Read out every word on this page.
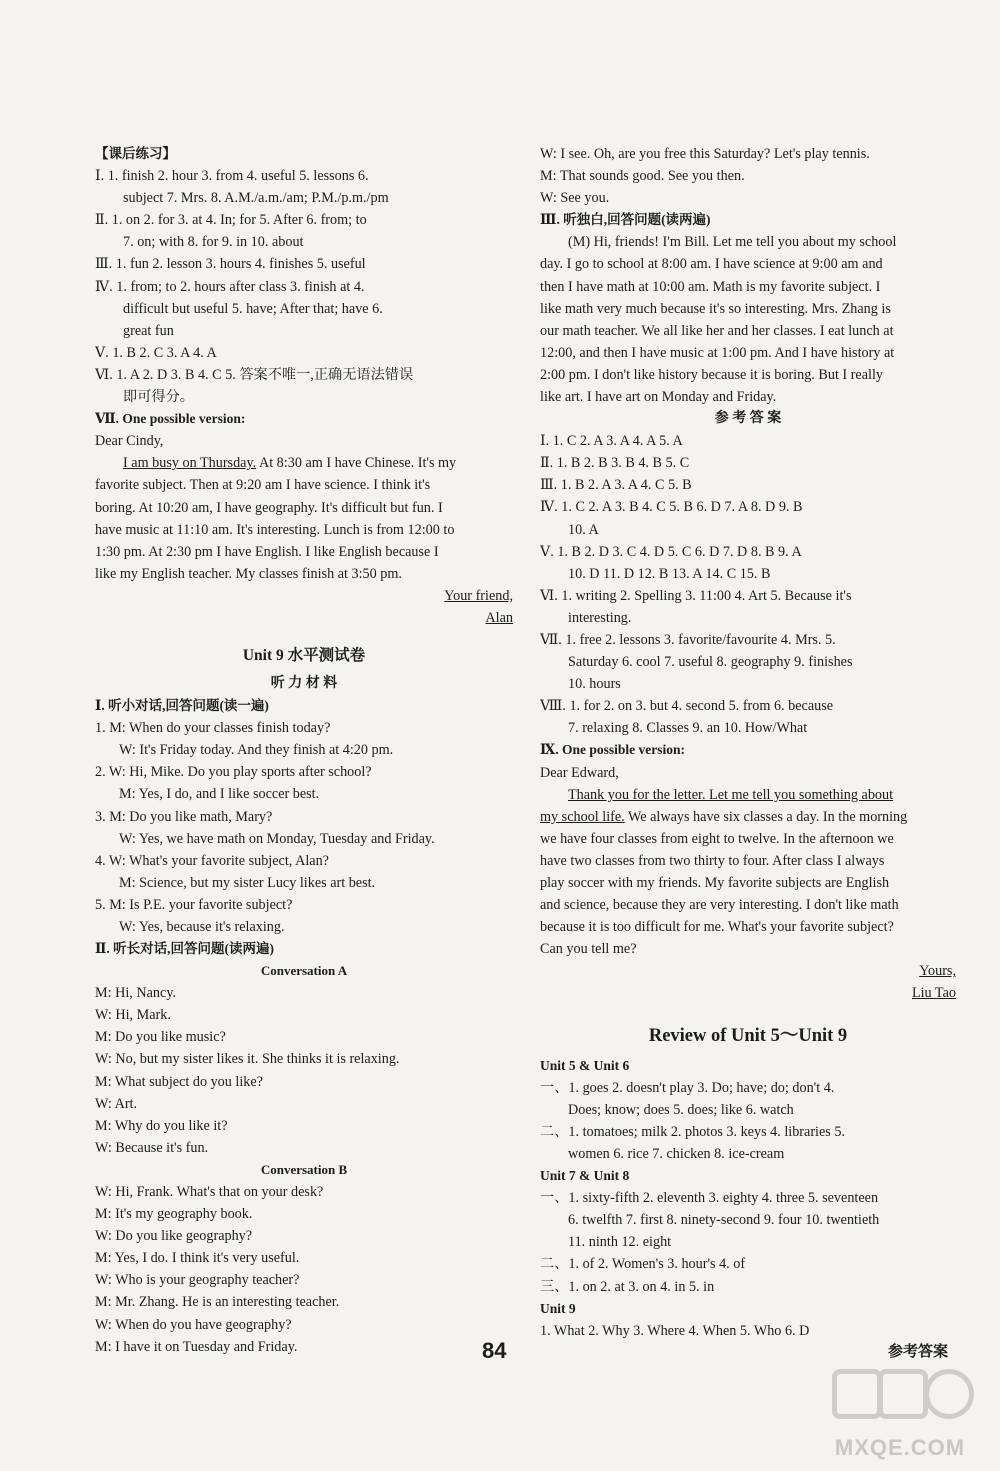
【课后练习】
Ⅰ. 1. finish 2. hour 3. from 4. useful 5. lessons 6.
subject 7. Mrs. 8. A.M./a.m./am; P.M./p.m./pm
Ⅱ. 1. on 2. for 3. at 4. In; for 5. After 6. from; to
7. on; with 8. for 9. in 10. about
Ⅲ. 1. fun 2. lesson 3. hours 4. finishes 5. useful
Ⅳ. 1. from; to 2. hours after class 3. finish at 4.
difficult but useful 5. have; After that; have 6.
great fun
Ⅴ. 1. B 2. C 3. A 4. A
Ⅵ. 1. A 2. D 3. B 4. C 5. 答案不唯一,正确无语法错误
即可得分。
Ⅶ. One possible version:
Dear Cindy,
I am busy on Thursday. At 8:30 am I have Chinese. It's my
favorite subject. Then at 9:20 am I have science. I think it's
boring. At 10:20 am, I have geography. It's difficult but fun. I
have music at 11:10 am. It's interesting. Lunch is from 12:00 to
1:30 pm. At 2:30 pm I have English. I like English because I
like my English teacher. My classes finish at 3:50 pm.
Your friend,
Alan
Unit 9 水平测试卷
听 力 材 料
Ⅰ. 听小对话,回答问题(读一遍)
1. M: When do your classes finish today?
W: It's Friday today. And they finish at 4:20 pm.
2. W: Hi, Mike. Do you play sports after school?
M: Yes, I do, and I like soccer best.
3. M: Do you like math, Mary?
W: Yes, we have math on Monday, Tuesday and Friday.
4. W: What's your favorite subject, Alan?
M: Science, but my sister Lucy likes art best.
5. M: Is P.E. your favorite subject?
W: Yes, because it's relaxing.
Ⅱ. 听长对话,回答问题(读两遍)
Conversation A
M: Hi, Nancy.
W: Hi, Mark.
M: Do you like music?
W: No, but my sister likes it. She thinks it is relaxing.
M: What subject do you like?
W: Art.
M: Why do you like it?
W: Because it's fun.
Conversation B
W: Hi, Frank. What's that on your desk?
M: It's my geography book.
W: Do you like geography?
M: Yes, I do. I think it's very useful.
W: Who is your geography teacher?
M: Mr. Zhang. He is an interesting teacher.
W: When do you have geography?
M: I have it on Tuesday and Friday.
W: I see. Oh, are you free this Saturday? Let's play tennis.
M: That sounds good. See you then.
W: See you.
Ⅲ. 听独白,回答问题(读两遍)
(M) Hi, friends! I'm Bill. Let me tell you about my school
day. I go to school at 8:00 am. I have science at 9:00 am and
then I have math at 10:00 am. Math is my favorite subject. I
like math very much because it's so interesting. Mrs. Zhang is
our math teacher. We all like her and her classes. I eat lunch at
12:00, and then I have music at 1:00 pm. And I have history at
2:00 pm. I don't like history because it is boring. But I really
like art. I have art on Monday and Friday.
参 考 答 案
Ⅰ. 1. C 2. A 3. A 4. A 5. A
Ⅱ. 1. B 2. B 3. B 4. B 5. C
Ⅲ. 1. B 2. A 3. A 4. C 5. B
Ⅳ. 1. C 2. A 3. B 4. C 5. B 6. D 7. A 8. D 9. B
10. A
Ⅴ. 1. B 2. D 3. C 4. D 5. C 6. D 7. D 8. B 9. A
10. D 11. D 12. B 13. A 14. C 15. B
Ⅵ. 1. writing 2. Spelling 3. 11:00 4. Art 5. Because it's
interesting.
Ⅶ. 1. free 2. lessons 3. favorite/favourite 4. Mrs. 5.
Saturday 6. cool 7. useful 8. geography 9. finishes
10. hours
Ⅷ. 1. for 2. on 3. but 4. second 5. from 6. because
7. relaxing 8. Classes 9. an 10. How/What
Ⅸ. One possible version:
Dear Edward,
Thank you for the letter. Let me tell you something about
my school life. We always have six classes a day. In the morning
we have four classes from eight to twelve. In the afternoon we
have two classes from two thirty to four. After class I always
play soccer with my friends. My favorite subjects are English
and science, because they are very interesting. I don't like math
because it is too difficult for me. What's your favorite subject?
Can you tell me?
Yours,
Liu Tao
Review of Unit 5～Unit 9
Unit 5 & Unit 6
一、1. goes 2. doesn't play 3. Do; have; do; don't 4.
Does; know; does 5. does; like 6. watch
二、1. tomatoes; milk 2. photos 3. keys 4. libraries 5.
women 6. rice 7. chicken 8. ice-cream
Unit 7 & Unit 8
一、1. sixty-fifth 2. eleventh 3. eighty 4. three 5. seventeen
6. twelfth 7. first 8. ninety-second 9. four 10. twentieth
11. ninth 12. eight
二、1. of 2. Women's 3. hour's 4. of
三、1. on 2. at 3. on 4. in 5. in
Unit 9
1. What 2. Why 3. Where 4. When 5. Who 6. D
84	参考答案
MXQE.COM
